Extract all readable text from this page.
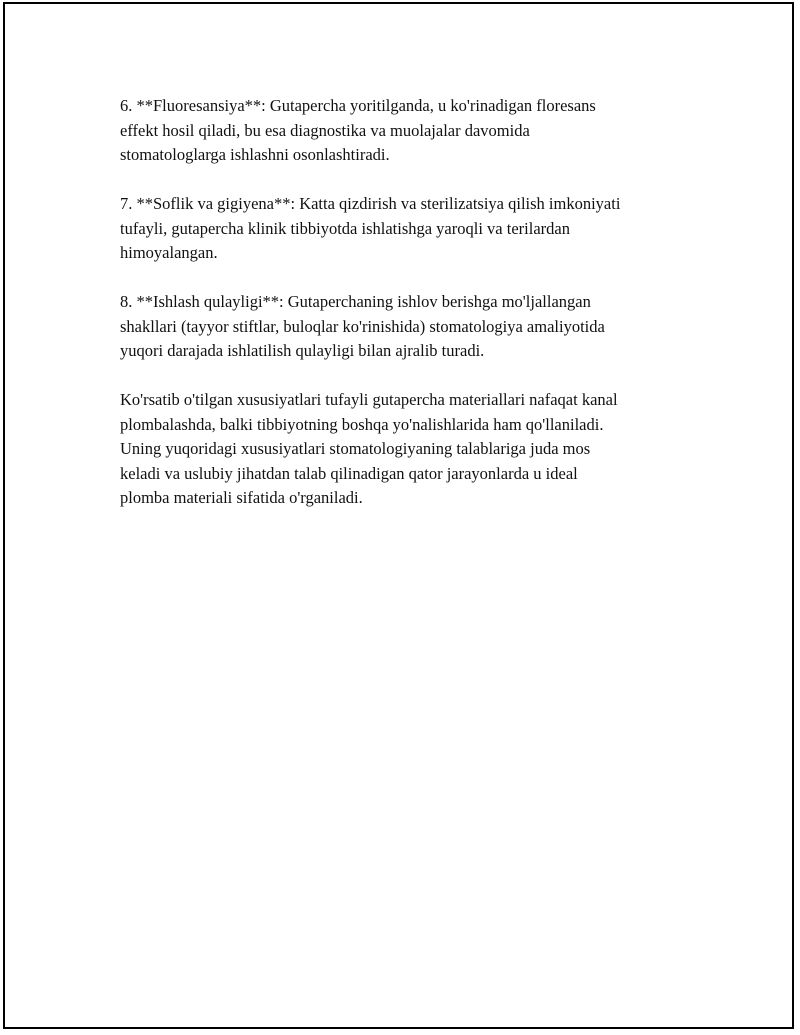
6. **Fluoresansiya**: Gutapercha yoritilganda, u ko'rinadigan floresans
effekt hosil qiladi, bu esa diagnostika va muolajalar davomida
stomatologlarga ishlashni osonlashtiradi.

7. **Soflik va gigiyena**: Katta qizdirish va sterilizatsiya qilish imkoniyati
tufayli, gutapercha klinik tibbiyotda ishlatishga yaroqli va terilardan
himoyalangan.

8. **Ishlash qulayligi**: Gutaperchaning ishlov berishga mo'ljallangan
shakllari (tayyor stiftlar, buloqlar ko'rinishida) stomatologiya amaliyotida
yuqori darajada ishlatilish qulayligi bilan ajralib turadi.

Ko'rsatib o'tilgan xususiyatlari tufayli gutapercha materiallari nafaqat kanal
plombalashda, balki tibbiyotning boshqa yo'nalishlarida ham qo'llaniladi.
Uning yuqoridagi xususiyatlari stomatologiyaning talablariga juda mos
keladi va uslubiy jihatdan talab qilinadigan qator jarayonlarda u ideal
plomba materiali sifatida o'rganiladi.
